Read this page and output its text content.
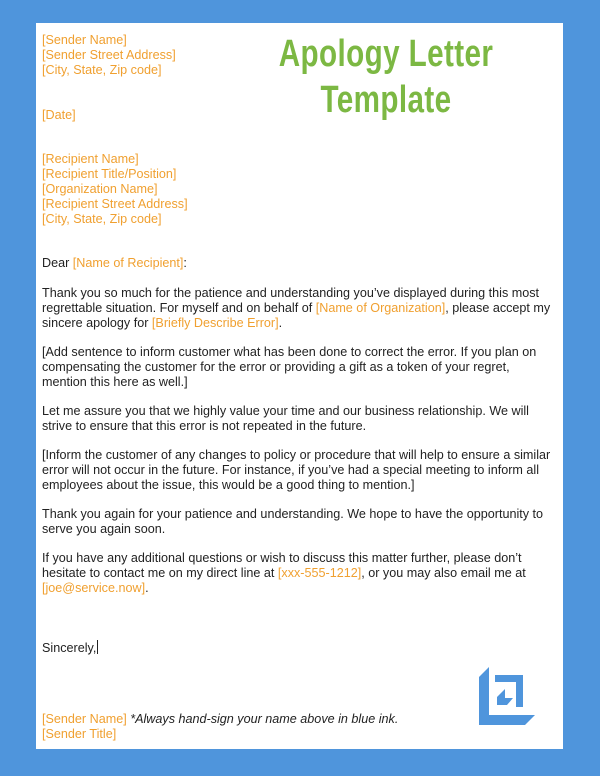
Apology Letter
Template
[Sender Name]
[Sender Street Address]
[City, State, Zip code]
[Date]
[Recipient Name]
[Recipient Title/Position]
[Organization Name]
[Recipient Street Address]
[City, State, Zip code]
Dear [Name of Recipient]:
Thank you so much for the patience and understanding you’ve displayed during this most regrettable situation. For myself and on behalf of [Name of Organization], please accept my sincere apology for [Briefly Describe Error].
[Add sentence to inform customer what has been done to correct the error. If you plan on compensating the customer for the error or providing a gift as a token of your regret, mention this here as well.]
Let me assure you that we highly value your time and our business relationship. We will strive to ensure that this error is not repeated in the future.
[Inform the customer of any changes to policy or procedure that will help to ensure a similar error will not occur in the future. For instance, if you’ve had a special meeting to inform all employees about the issue, this would be a good thing to mention.]
Thank you again for your patience and understanding. We hope to have the opportunity to serve you again soon.
If you have any additional questions or wish to discuss this matter further, please don’t hesitate to contact me on my direct line at [xxx-555-1212], or you may also email me at [joe@service.now].
Sincerely,
[Sender Name] *Always hand-sign your name above in blue ink.
[Sender Title]
